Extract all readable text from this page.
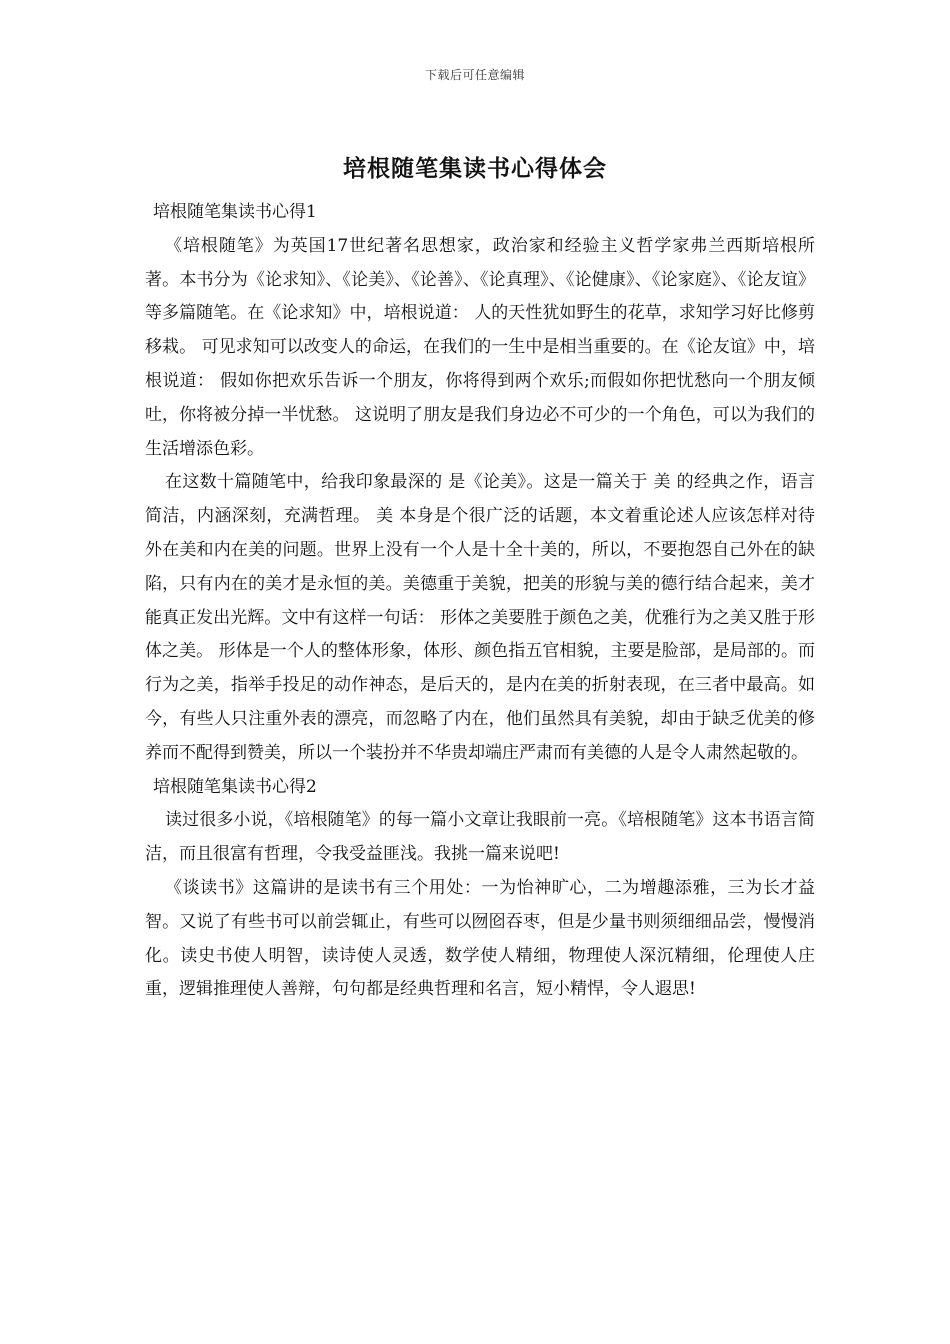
下载后可任意编辑
培根随笔集读书心得体会

培根随笔集读书心得1

《培根随笔》为英国17世纪著名思想家，政治家和经验主义哲学家弗兰西斯培根所著。本书分为《论求知》、《论美》、《论善》、《论真理》、《论健康》、《论家庭》、《论友谊》等多篇随笔。在《论求知》中，培根说道： 人的天性犹如野生的花草，求知学习好比修剪移栽。 可见求知可以改变人的命运，在我们的一生中是相当重要的。在《论友谊》中，培根说道： 假如你把欢乐告诉一个朋友，你将得到两个欢乐;而假如你把忧愁向一个朋友倾吐，你将被分掉一半忧愁。 这说明了朋友是我们身边必不可少的一个角色，可以为我们的生活增添色彩。

在这数十篇随笔中，给我印象最深的 是《论美》。这是一篇关于 美 的经典之作，语言简洁，内涵深刻，充满哲理。 美 本身是个很广泛的话题，本文着重论述人应该怎样对待外在美和内在美的问题。世界上没有一个人是十全十美的，所以，不要抱怨自己外在的缺陷，只有内在的美才是永恒的美。美德重于美貌，把美的形貌与美的德行结合起来，美才能真正发出光辉。文中有这样一句话： 形体之美要胜于颜色之美，优雅行为之美又胜于形体之美。 形体是一个人的整体形象，体形、颜色指五官相貌，主要是脸部，是局部的。而行为之美，指举手投足的动作神态，是后天的，是内在美的折射表现，在三者中最高。如今，有些人只注重外表的漂亮，而忽略了内在，他们虽然具有美貌，却由于缺乏优美的修养而不配得到赞美，所以一个装扮并不华贵却端庄严肃而有美德的人是令人肃然起敬的。

培根随笔集读书心得2

读过很多小说，《培根随笔》的每一篇小文章让我眼前一亮。《培根随笔》这本书语言简洁，而且很富有哲理，令我受益匪浅。我挑一篇来说吧!

《谈读书》这篇讲的是读书有三个用处：一为怡神旷心，二为增趣添雅，三为长才益智。又说了有些书可以前尝辄止，有些可以囫囵吞枣，但是少量书则须细细品尝，慢慢消化。读史书使人明智，读诗使人灵透，数学使人精细，物理使人深沉精细，伦理使人庄重，逻辑推理使人善辩，句句都是经典哲理和名言，短小精悍，令人遐思!
